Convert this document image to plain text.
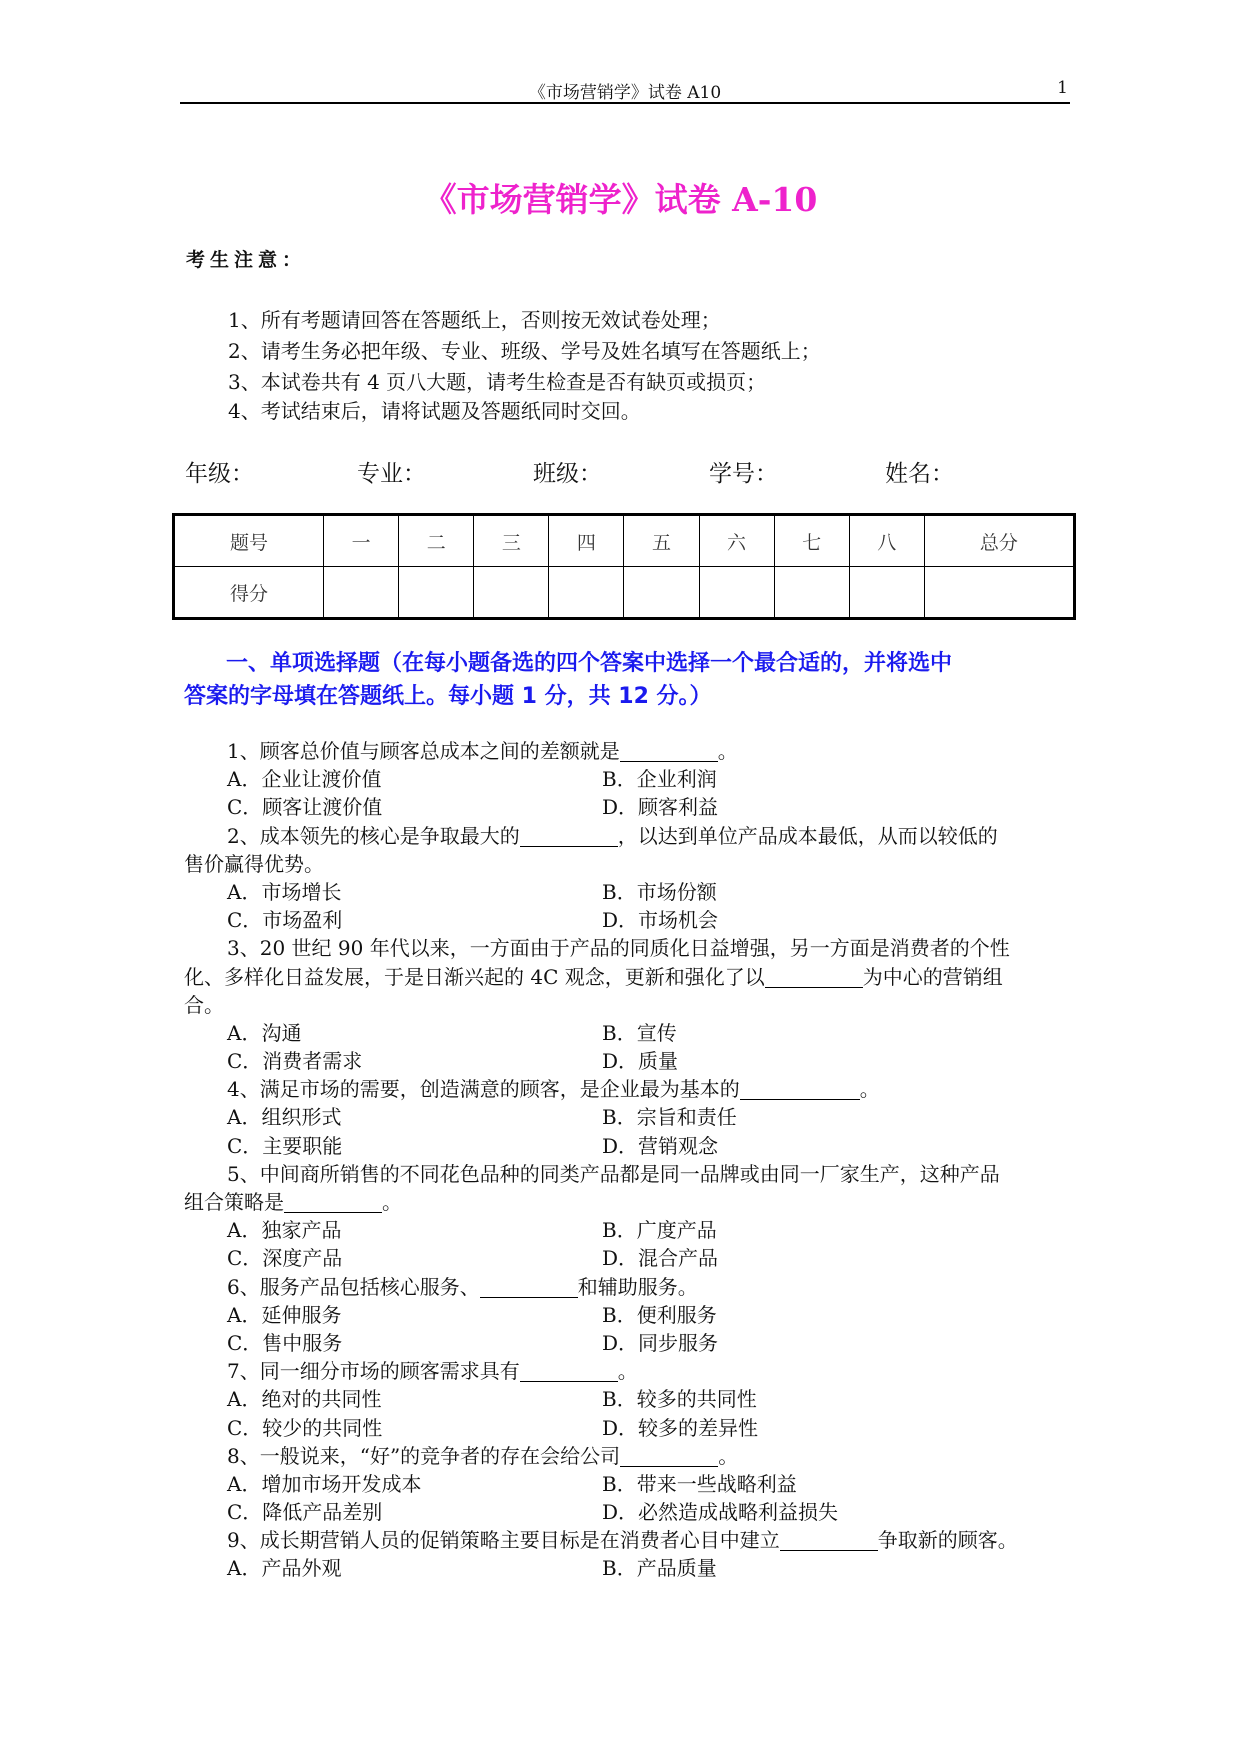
《市场营销学》试卷 A10	1
《市场营销学》试卷 A-10
考生注意：
1、所有考题请回答在答题纸上，否则按无效试卷处理；
2、请考生务必把年级、专业、班级、学号及姓名填写在答题纸上；
3、本试卷共有 4 页八大题，请考生检查是否有缺页或损页；
4、考试结束后，请将试题及答题纸同时交回。
年级：	专业：	班级：	学号：	姓名：
题号	一	二	三	四	五	六	七	八	总分
得分									
一、单项选择题（在每小题备选的四个答案中选择一个最合适的，并将选中
答案的字母填在答题纸上。每小题 1 分，共 12 分。）
1、顾客总价值与顾客总成本之间的差额就是	。
A．企业让渡价值	B．企业利润
C．顾客让渡价值	D．顾客利益
2、成本领先的核心是争取最大的	，以达到单位产品成本最低，从而以较低的
售价赢得优势。
A．市场增长	B．市场份额
C．市场盈利	D．市场机会
3、20 世纪 90 年代以来，一方面由于产品的同质化日益增强，另一方面是消费者的个性
化、多样化日益发展，于是日渐兴起的 4C 观念，更新和强化了以	为中心的营销组
合。
A．沟通	B．宣传
C．消费者需求	D．质量
4、满足市场的需要，创造满意的顾客，是企业最为基本的	。
A．组织形式	B．宗旨和责任
C．主要职能	D．营销观念
5、中间商所销售的不同花色品种的同类产品都是同一品牌或由同一厂家生产，这种产品
组合策略是	。
A．独家产品	B．广度产品
C．深度产品	D．混合产品
6、服务产品包括核心服务、	和辅助服务。
A．延伸服务	B．便利服务
C．售中服务	D．同步服务
7、同一细分市场的顾客需求具有	。
A．绝对的共同性	B．较多的共同性
C．较少的共同性	D．较多的差异性
8、一般说来，“好”的竞争者的存在会给公司	。
A．增加市场开发成本	B．带来一些战略利益
C．降低产品差别	D．必然造成战略利益损失
9、成长期营销人员的促销策略主要目标是在消费者心目中建立	争取新的顾客。
A．产品外观	B．产品质量
